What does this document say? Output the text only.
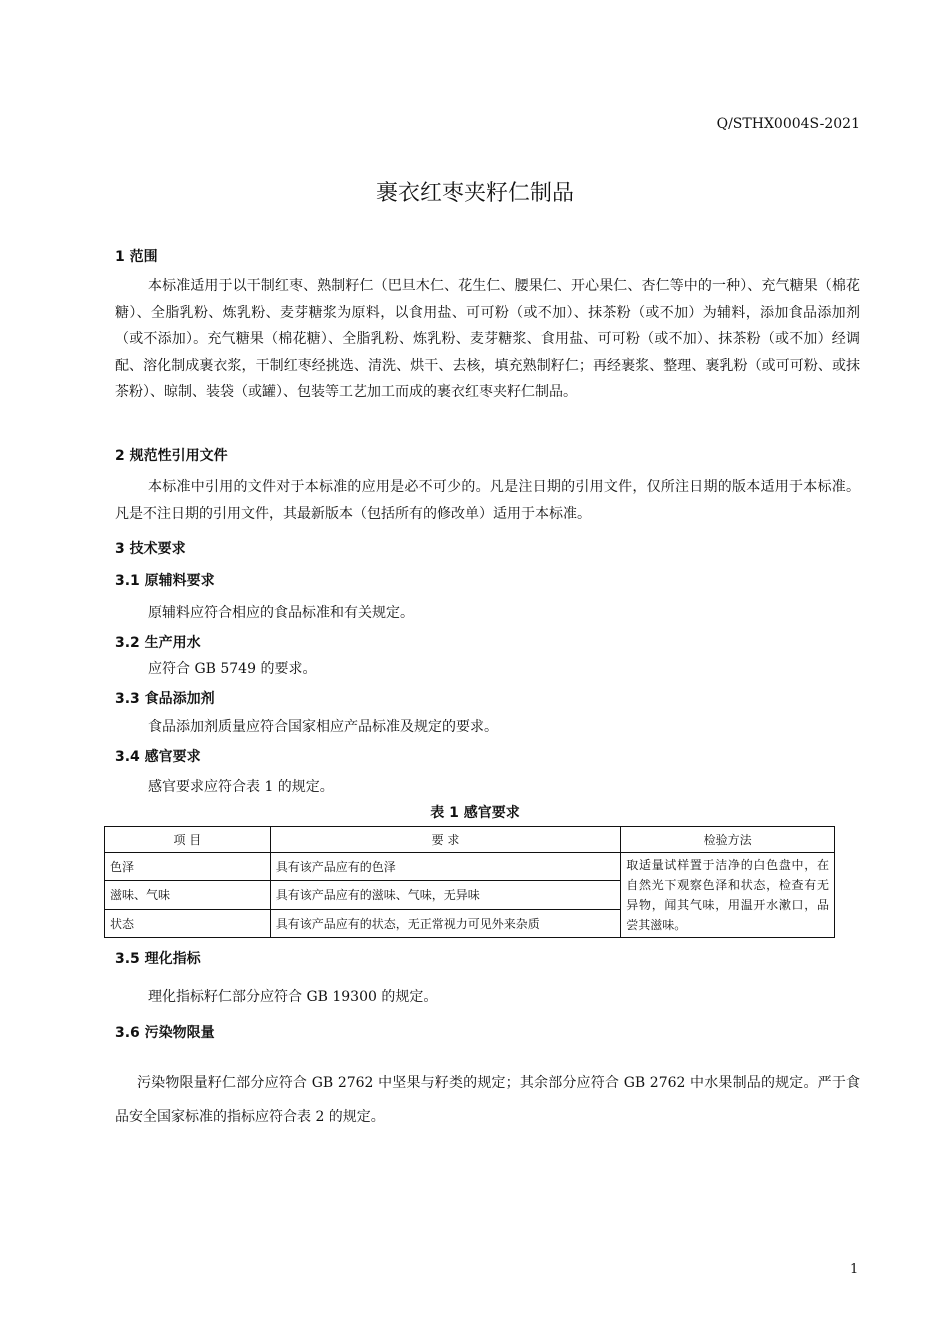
Q/STHX0004S-2021
裹衣红枣夹籽仁制品
1 范围
本标准适用于以干制红枣、熟制籽仁（巴旦木仁、花生仁、腰果仁、开心果仁、杏仁等中的一种）、充气糖果（棉花糖）、全脂乳粉、炼乳粉、麦芽糖浆为原料，以食用盐、可可粉（或不加）、抹茶粉（或不加）为辅料，添加食品添加剂（或不添加）。充气糖果（棉花糖）、全脂乳粉、炼乳粉、麦芽糖浆、食用盐、可可粉（或不加）、抹茶粉（或不加）经调配、溶化制成裹衣浆，干制红枣经挑选、清洗、烘干、去核，填充熟制籽仁；再经裹浆、整理、裹乳粉（或可可粉、或抹茶粉）、晾制、装袋（或罐）、包装等工艺加工而成的裹衣红枣夹籽仁制品。
2 规范性引用文件
本标准中引用的文件对于本标准的应用是必不可少的。凡是注日期的引用文件，仅所注日期的版本适用于本标准。凡是不注日期的引用文件，其最新版本（包括所有的修改单）适用于本标准。
3 技术要求
3.1 原辅料要求
原辅料应符合相应的食品标准和有关规定。
3.2 生产用水
应符合 GB 5749 的要求。
3.3 食品添加剂
食品添加剂质量应符合国家相应产品标准及规定的要求。
3.4 感官要求
感官要求应符合表 1 的规定。
表 1 感官要求
项 目	要 求	检验方法
色泽	具有该产品应有的色泽	取适量试样置于洁净的白色盘中，在自然光下观察色泽和状态，检查有无异物，闻其气味，用温开水漱口，品尝其滋味。
滋味、气味	具有该产品应有的滋味、气味，无异味	
状态	具有该产品应有的状态，无正常视力可见外来杂质	
3.5 理化指标
理化指标籽仁部分应符合 GB 19300 的规定。
3.6 污染物限量
污染物限量籽仁部分应符合 GB 2762 中坚果与籽类的规定；其余部分应符合 GB 2762 中水果制品的规定。严于食品安全国家标准的指标应符合表 2 的规定。
1
